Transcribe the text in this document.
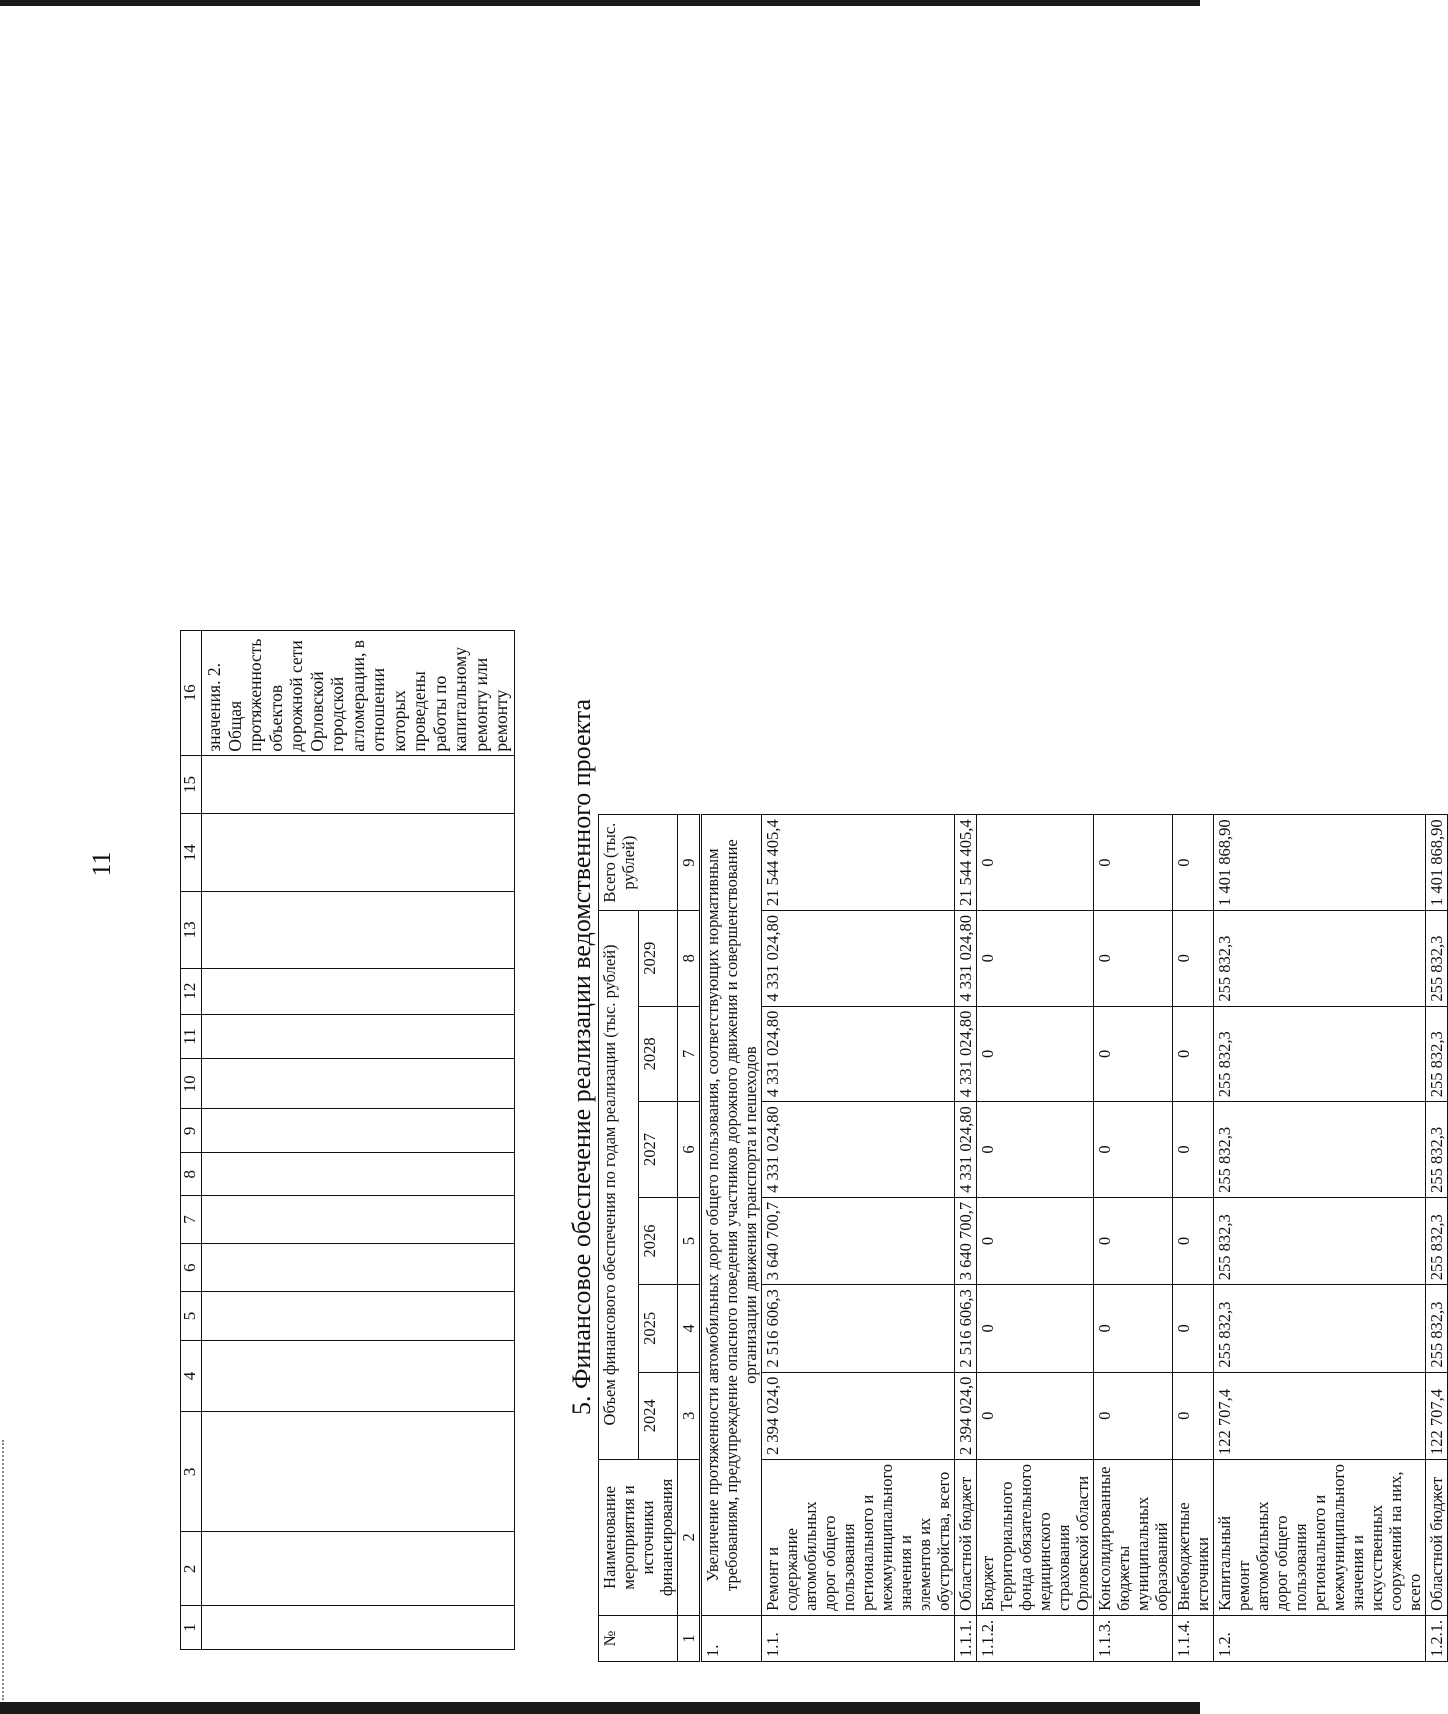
11
1	2	3	4	5	6	7	8	9	10	11	12	13	14	15	16
															значения. 2. Общая протяженность объектов дорожной сети Орловской городской агломерации, в отношении которых проведены работы по капитальному ремонту или ремонту 5. Финансовое обеспечение реализации ведомственного проекта
№	Наименование мероприятия и источники финансирования	Объем финансового обеспечения по годам реализации (тыс. рублей)						Всего (тыс. рублей)
		2024	2025	2026	2027	2028	2029	
1	2	3	4	5	6	7	8	9
1.	Увеличение протяженности автомобильных дорог общего пользования, соответствующих нормативным требованиям, предупреждение опасного поведения участников дорожного движения и совершенствование организации движения транспорта и пешеходов							
1.1.	Ремонт и содержание автомобильных дорог общего пользования регионального и межмуниципального значения и элементов их обустройства, всего	2 394 024,0	2 516 606,3	3 640 700,7	4 331 024,80	4 331 024,80	4 331 024,80	21 544 405,4
1.1.1.	Областной бюджет	2 394 024,0	2 516 606,3	3 640 700,7	4 331 024,80	4 331 024,80	4 331 024,80	21 544 405,4
1.1.2.	Бюджет Территориального фонда обязательного медицинского страхования Орловской области	0	0	0	0	0	0	0
1.1.3.	Консолидированные бюджеты муниципальных образований	0	0	0	0	0	0	0
1.1.4.	Внебюджетные источники	0	0	0	0	0	0	0
1.2.	Капитальный ремонт автомобильных дорог общего пользования регионального и межмуниципального значения и искусственных сооружений на них, всего	122 707,4	255 832,3	255 832,3	255 832,3	255 832,3	255 832,3	1 401 868,90
1.2.1.	Областной бюджет	122 707,4	255 832,3	255 832,3	255 832,3	255 832,3	255 832,3	1 401 868,90
